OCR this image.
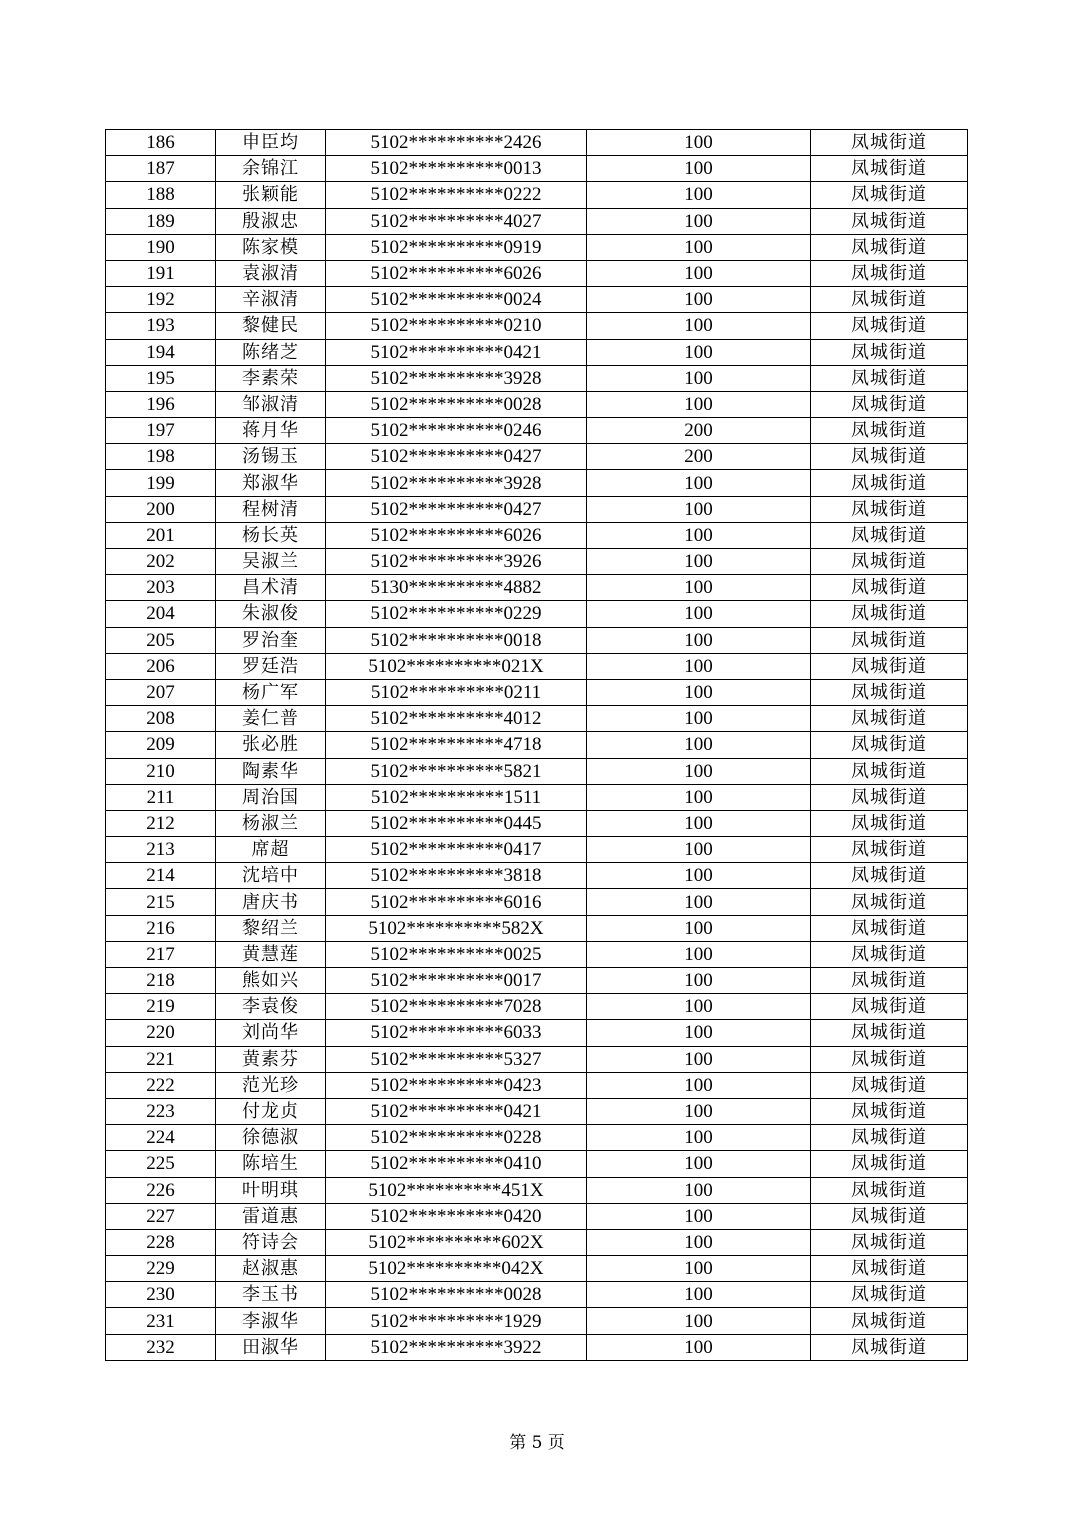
186	申臣均	5102**********2426	100	凤城街道
187	余锦江	5102**********0013	100	凤城街道
188	张颖能	5102**********0222	100	凤城街道
189	殷淑忠	5102**********4027	100	凤城街道
190	陈家模	5102**********0919	100	凤城街道
191	袁淑清	5102**********6026	100	凤城街道
192	辛淑清	5102**********0024	100	凤城街道
193	黎健民	5102**********0210	100	凤城街道
194	陈绪芝	5102**********0421	100	凤城街道
195	李素荣	5102**********3928	100	凤城街道
196	邹淑清	5102**********0028	100	凤城街道
197	蒋月华	5102**********0246	200	凤城街道
198	汤锡玉	5102**********0427	200	凤城街道
199	郑淑华	5102**********3928	100	凤城街道
200	程树清	5102**********0427	100	凤城街道
201	杨长英	5102**********6026	100	凤城街道
202	吴淑兰	5102**********3926	100	凤城街道
203	昌术清	5130**********4882	100	凤城街道
204	朱淑俊	5102**********0229	100	凤城街道
205	罗治奎	5102**********0018	100	凤城街道
206	罗廷浩	5102**********021X	100	凤城街道
207	杨广军	5102**********0211	100	凤城街道
208	姜仁普	5102**********4012	100	凤城街道
209	张必胜	5102**********4718	100	凤城街道
210	陶素华	5102**********5821	100	凤城街道
211	周治国	5102**********1511	100	凤城街道
212	杨淑兰	5102**********0445	100	凤城街道
213	席超	5102**********0417	100	凤城街道
214	沈培中	5102**********3818	100	凤城街道
215	唐庆书	5102**********6016	100	凤城街道
216	黎绍兰	5102**********582X	100	凤城街道
217	黄慧莲	5102**********0025	100	凤城街道
218	熊如兴	5102**********0017	100	凤城街道
219	李袁俊	5102**********7028	100	凤城街道
220	刘尚华	5102**********6033	100	凤城街道
221	黄素芬	5102**********5327	100	凤城街道
222	范光珍	5102**********0423	100	凤城街道
223	付龙贞	5102**********0421	100	凤城街道
224	徐德淑	5102**********0228	100	凤城街道
225	陈培生	5102**********0410	100	凤城街道
226	叶明琪	5102**********451X	100	凤城街道
227	雷道惠	5102**********0420	100	凤城街道
228	符诗会	5102**********602X	100	凤城街道
229	赵淑惠	5102**********042X	100	凤城街道
230	李玉书	5102**********0028	100	凤城街道
231	李淑华	5102**********1929	100	凤城街道
232	田淑华	5102**********3922	100	凤城街道
第 5 页
